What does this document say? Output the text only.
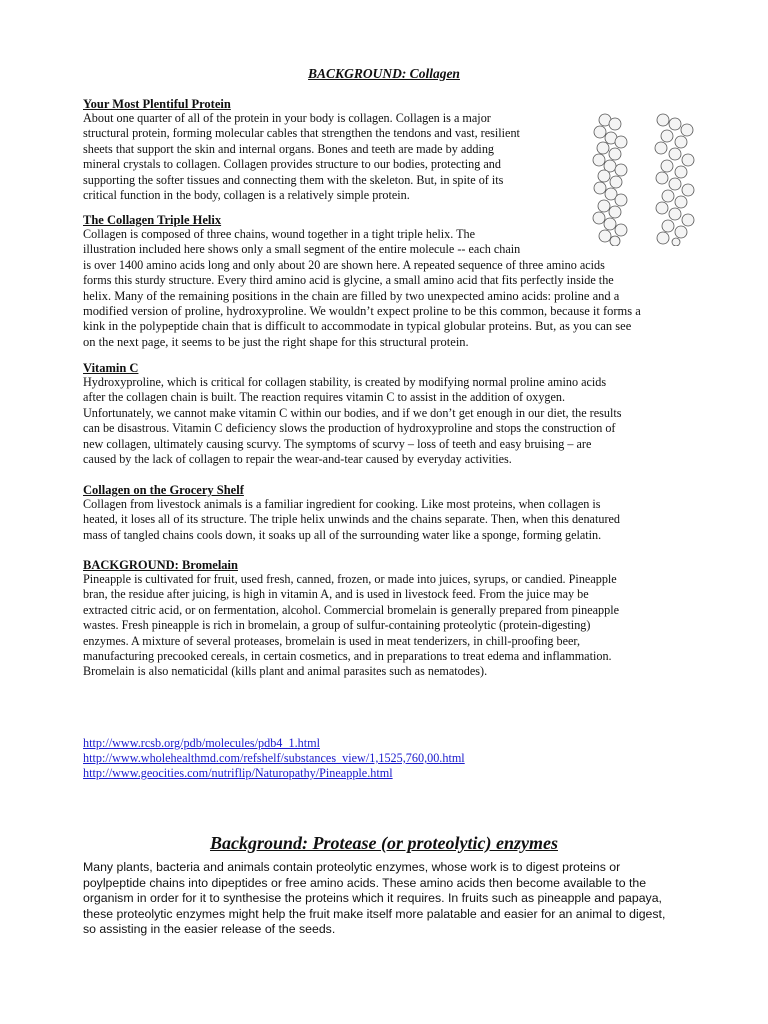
BACKGROUND: Collagen
Your Most Plentiful Protein
About one quarter of all of the protein in your body is collagen. Collagen is a major
structural protein, forming molecular cables that strengthen the tendons and vast, resilient
sheets that support the skin and internal organs. Bones and teeth are made by adding
mineral crystals to collagen. Collagen provides structure to our bodies, protecting and
supporting the softer tissues and connecting them with the skeleton. But, in spite of its
critical function in the body, collagen is a relatively simple protein.
The Collagen Triple Helix
Collagen is composed of three chains, wound together in a tight triple helix. The
illustration included here shows only a small segment of the entire molecule -- each chain
is over 1400 amino acids long and only about 20 are shown here. A repeated sequence of three amino acids
forms this sturdy structure. Every third amino acid is glycine, a small amino acid that fits perfectly inside the
helix. Many of the remaining positions in the chain are filled by two unexpected amino acids: proline and a
modified version of proline, hydroxyproline. We wouldn’t expect proline to be this common, because it forms a
kink in the polypeptide chain that is difficult to accommodate in typical globular proteins. But, as you can see
on the next page, it seems to be just the right shape for this structural protein.
Vitamin C
Hydroxyproline, which is critical for collagen stability, is created by modifying normal proline amino acids
after the collagen chain is built. The reaction requires vitamin C to assist in the addition of oxygen.
Unfortunately, we cannot make vitamin C within our bodies, and if we don’t get enough in our diet, the results
can be disastrous. Vitamin C deficiency slows the production of hydroxyproline and stops the construction of
new collagen, ultimately causing scurvy. The symptoms of scurvy – loss of teeth and easy bruising – are
caused by the lack of collagen to repair the wear-and-tear caused by everyday activities.
Collagen on the Grocery Shelf
Collagen from livestock animals is a familiar ingredient for cooking. Like most proteins, when collagen is
heated, it loses all of its structure. The triple helix unwinds and the chains separate. Then, when this denatured
mass of tangled chains cools down, it soaks up all of the surrounding water like a sponge, forming gelatin.
BACKGROUND: Bromelain
Pineapple is cultivated for fruit, used fresh, canned, frozen, or made into juices, syrups, or candied. Pineapple
bran, the residue after juicing, is high in vitamin A, and is used in livestock feed. From the juice may be
extracted citric acid, or on fermentation, alcohol. Commercial bromelain is generally prepared from pineapple
wastes. Fresh pineapple is rich in bromelain, a group of sulfur-containing proteolytic (protein-digesting)
enzymes. A mixture of several proteases, bromelain is used in meat tenderizers, in chill-proofing beer,
manufacturing precooked cereals, in certain cosmetics, and in preparations to treat edema and inflammation.
Bromelain is also nematicidal (kills plant and animal parasites such as nematodes).
http://www.rcsb.org/pdb/molecules/pdb4_1.html
http://www.wholehealthmd.com/refshelf/substances_view/1,1525,760,00.html
http://www.geocities.com/nutriflip/Naturopathy/Pineapple.html
Background: Protease (or proteolytic) enzymes
Many plants, bacteria and animals contain proteolytic enzymes, whose work is to digest proteins or
poylpeptide chains into dipeptides or free amino acids. These amino acids then become available to the
organism in order for it to synthesise the proteins which it requires. In fruits such as pineapple and papaya,
these proteolytic enzymes might help the fruit make itself more palatable and easier for an animal to digest,
so assisting in the easier release of the seeds.
